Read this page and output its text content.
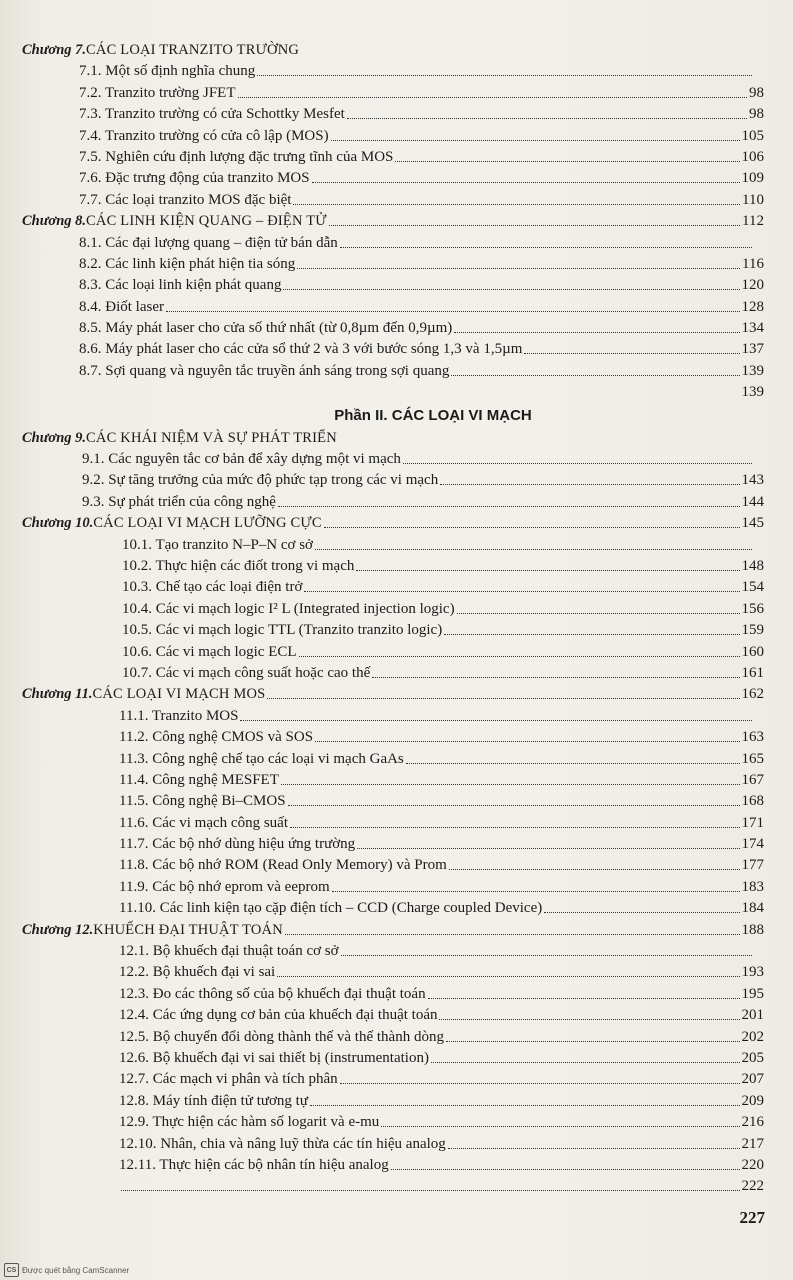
Chương 7. CÁC LOẠI TRANZITO TRƯỜNG
7.1. Một số định nghĩa chung
7.2. Tranzito trường JFET	98
7.3. Tranzito trường có cửa Schottky Mesfet	98
7.4. Tranzito trường có cửa cô lập (MOS)	105
7.5. Nghiên cứu định lượng đặc trưng tĩnh của MOS	106
7.6. Đặc trưng động của tranzito MOS	109
7.7. Các loại tranzito MOS đặc biệt	110
Chương 8. CÁC LINH KIỆN QUANG – ĐIỆN TỬ	112
8.1. Các đại lượng quang – điện tử bán dẫn
8.2. Các linh kiện phát hiện tia sóng	116
8.3. Các loại linh kiện phát quang	120
8.4. Điốt laser	128
8.5. Máy phát laser cho cửa số thứ nhất (từ 0,8µm đến 0,9µm)	134
8.6. Máy phát laser cho các cửa sổ thứ 2 và 3 với bước sóng 1,3 và 1,5µm	137
8.7. Sợi quang và nguyên tắc truyền ánh sáng trong sợi quang	139
139
Phần II. CÁC LOẠI VI MẠCH
Chương 9. CÁC KHÁI NIỆM VÀ SỰ PHÁT TRIỂN
9.1. Các nguyên tắc cơ bản để xây dựng một vi mạch
9.2. Sự tăng trưởng của mức độ phức tạp trong các vi mạch	143
9.3. Sự phát triển của công nghệ	144
Chương 10. CÁC LOẠI VI MẠCH LƯỠNG CỰC	145
10.1. Tạo tranzito N–P–N cơ sở
10.2. Thực hiện các điốt trong vi mạch	148
10.3. Chế tạo các loại điện trở	154
10.4. Các vi mạch logic I² L (Integrated injection logic)	156
10.5. Các vi mạch logic TTL (Tranzito tranzito logic)	159
10.6. Các vi mạch logic ECL	160
10.7. Các vi mạch công suất hoặc cao thế	161
Chương 11. CÁC LOẠI VI MẠCH MOS	162
11.1. Tranzito MOS
11.2. Công nghệ CMOS và SOS	163
11.3. Công nghệ chế tạo các loại vi mạch GaAs	165
11.4. Công nghệ MESFET	167
11.5. Công nghệ Bi–CMOS	168
11.6. Các vi mạch công suất	171
11.7. Các bộ nhớ dùng hiệu ứng trường	174
11.8. Các bộ nhớ ROM (Read Only Memory) và Prom	177
11.9. Các bộ nhớ eprom và eeprom	183
11.10. Các linh kiện tạo cặp điện tích – CCD (Charge coupled Device)	184
Chương 12. KHUẾCH ĐẠI THUẬT TOÁN	188
12.1. Bộ khuếch đại thuật toán cơ sở
12.2. Bộ khuếch đại vi sai	193
12.3. Đo các thông số của bộ khuếch đại thuật toán	195
12.4. Các ứng dụng cơ bản của khuếch đại thuật toán	201
12.5. Bộ chuyển đổi dòng thành thế và thế thành dòng	202
12.6. Bộ khuếch đại vi sai thiết bị (instrumentation)	205
12.7. Các mạch vi phân và tích phân	207
12.8. Máy tính điện tử tương tự	209
12.9. Thực hiện các hàm số logarit và e-mu	216
12.10. Nhân, chia và nâng luỹ thừa các tín hiệu analog	217
12.11. Thực hiện các bộ nhân tín hiệu analog	220
222
227
CS Được quét bằng CamScanner
